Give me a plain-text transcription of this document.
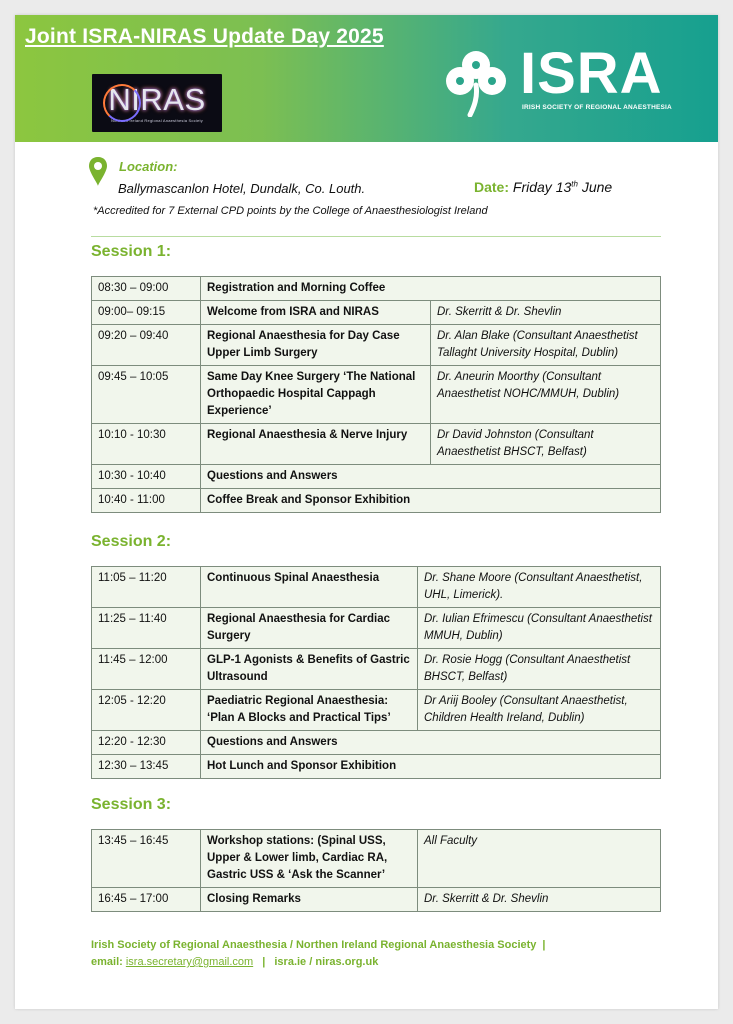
Joint ISRA-NIRAS Update Day 2025
NIRAS
Northern Ireland Regional Anaesthesia Society
ISRA
IRISH SOCIETY OF REGIONAL ANAESTHESIA
Location:
Ballymascanlon Hotel, Dundalk, Co. Louth.	Date: Friday 13th June
*Accredited for 7 External CPD points by the College of Anaesthesiologist Ireland
Session 1:
08:30 – 09:00	Registration and Morning Coffee	
09:00– 09:15	Welcome from ISRA and NIRAS	Dr. Skerritt & Dr. Shevlin
09:20 – 09:40	Regional Anaesthesia for Day Case Upper Limb Surgery	Dr. Alan Blake (Consultant Anaesthetist Tallaght University Hospital, Dublin)
09:45 – 10:05	Same Day Knee Surgery ‘The National Orthopaedic Hospital Cappagh Experience’	Dr. Aneurin Moorthy (Consultant Anaesthetist NOHC/MMUH, Dublin)
10:10 - 10:30	Regional Anaesthesia & Nerve Injury	Dr David Johnston (Consultant Anaesthetist BHSCT, Belfast)
10:30 - 10:40	Questions and Answers	
10:40 - 11:00	Coffee Break and Sponsor Exhibition	
Session 2:
11:05 – 11:20	Continuous Spinal Anaesthesia	Dr. Shane Moore (Consultant Anaesthetist, UHL, Limerick).
11:25 – 11:40	Regional Anaesthesia for Cardiac Surgery	Dr. Iulian Efrimescu (Consultant Anaesthetist MMUH, Dublin)
11:45 – 12:00	GLP-1 Agonists & Benefits of Gastric Ultrasound	Dr. Rosie Hogg (Consultant Anaesthetist BHSCT, Belfast)
12:05 - 12:20	Paediatric Regional Anaesthesia: ‘Plan A Blocks and Practical Tips’	Dr Ariij Booley (Consultant Anaesthetist, Children Health Ireland, Dublin)
12:20 - 12:30	Questions and Answers	
12:30 – 13:45	Hot Lunch and Sponsor Exhibition	
Session 3:
13:45 – 16:45	Workshop stations: (Spinal USS, Upper & Lower limb, Cardiac RA, Gastric USS & ‘Ask the Scanner’	All Faculty
16:45 – 17:00	Closing Remarks	Dr. Skerritt & Dr. Shevlin
Irish Society of Regional Anaesthesia / Northen Ireland Regional Anaesthesia Society |
email: isra.secretary@gmail.com | isra.ie / niras.org.uk
